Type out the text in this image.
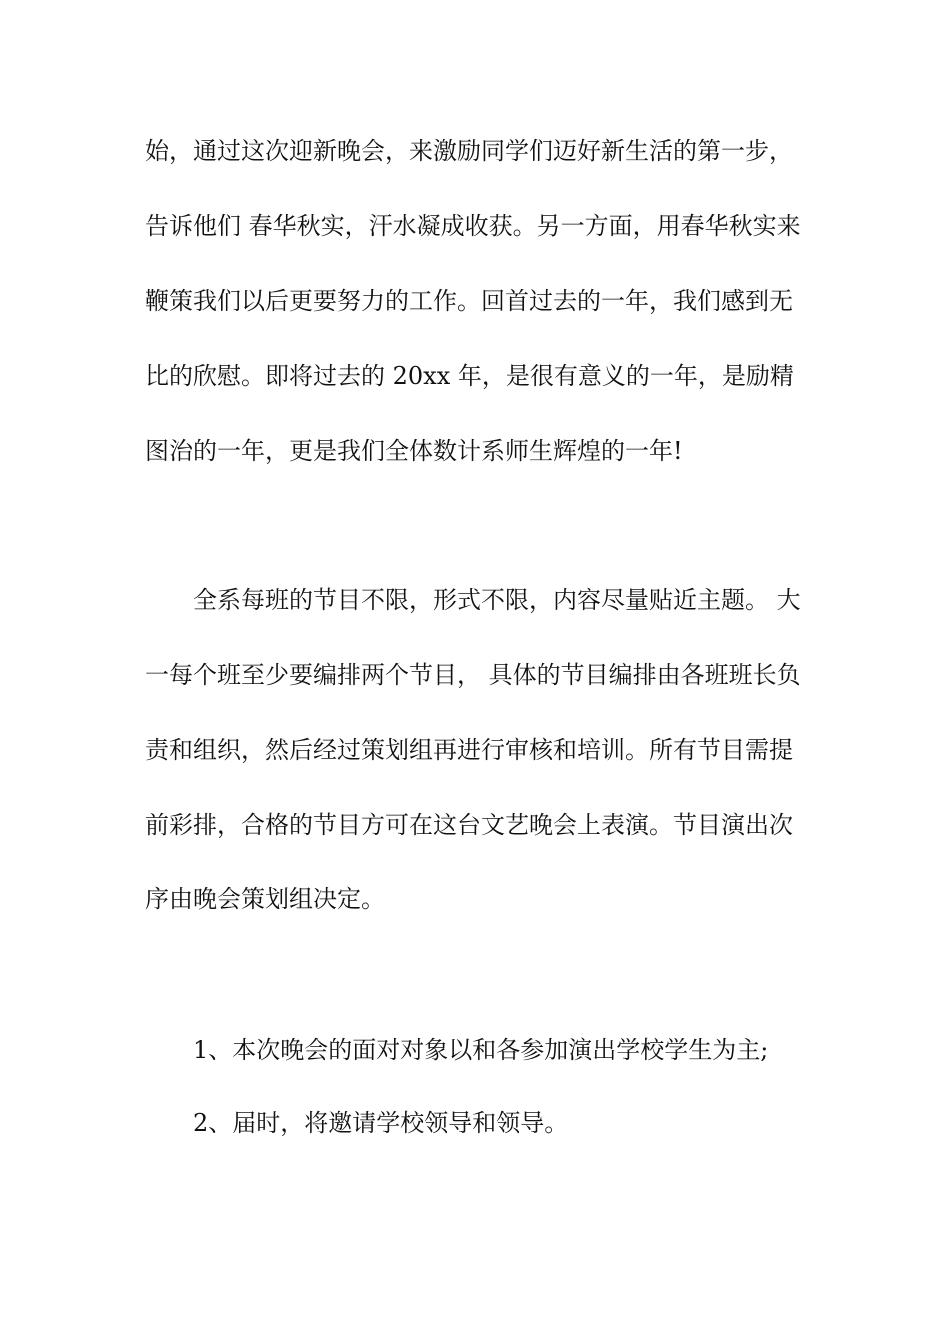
始，通过这次迎新晚会，来激励同学们迈好新生活的第一步，

告诉他们 春华秋实，汗水凝成收获。另一方面，用春华秋实来

鞭策我们以后更要努力的工作。回首过去的一年，我们感到无

比的欣慰。即将过去的 20xx 年，是很有意义的一年，是励精

图治的一年，更是我们全体数计系师生辉煌的一年!

全系每班的节目不限，形式不限，内容尽量贴近主题。 大

一每个班至少要编排两个节目， 具体的节目编排由各班班长负

责和组织，然后经过策划组再进行审核和培训。所有节目需提

前彩排，合格的节目方可在这台文艺晚会上表演。节目演出次

序由晚会策划组决定。

1、本次晚会的面对对象以和各参加演出学校学生为主;

2、届时，将邀请学校领导和领导。
